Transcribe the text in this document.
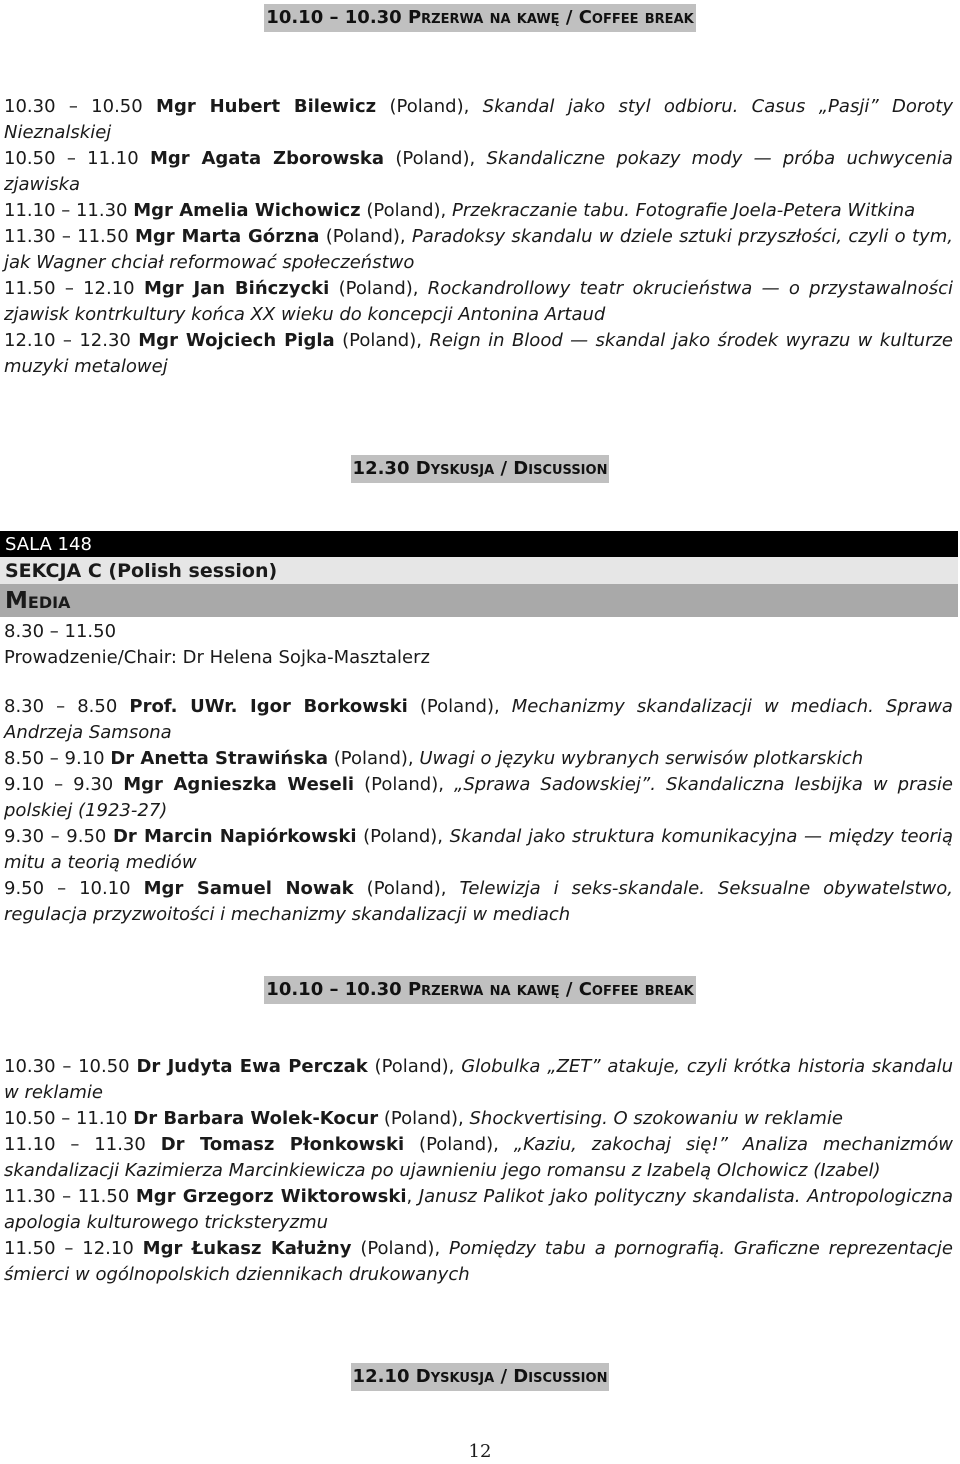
10.10 – 10.30 Przerwa na kawę / Coffee break

10.30 – 10.50 Mgr Hubert Bilewicz (Poland), Skandal jako styl odbioru. Casus „Pasji” Doroty Nieznalskiej

10.50 – 11.10 Mgr Agata Zborowska (Poland), Skandaliczne pokazy mody — próba uchwycenia zjawiska

11.10 – 11.30 Mgr Amelia Wichowicz (Poland), Przekraczanie tabu. Fotografie Joela-Petera Witkina

11.30 – 11.50 Mgr Marta Górzna (Poland), Paradoksy skandalu w dziele sztuki przyszłości, czyli o tym, jak Wagner chciał reformować społeczeństwo

11.50 – 12.10 Mgr Jan Bińczycki (Poland), Rockandrollowy teatr okrucieństwa — o przystawalności zjawisk kontrkultury końca XX wieku do koncepcji Antonina Artaud

12.10 – 12.30 Mgr Wojciech Pigla (Poland), Reign in Blood — skandal jako środek wyrazu w kulturze muzyki metalowej

12.30 Dyskusja / Discussion
SALA 148
SEKCJA C (Polish session)
Media
8.30 – 11.50
Prowadzenie/Chair: Dr Helena Sojka-Masztalerz

8.30 – 8.50 Prof. UWr. Igor Borkowski (Poland), Mechanizmy skandalizacji w mediach. Sprawa Andrzeja Samsona

8.50 – 9.10 Dr Anetta Strawińska (Poland), Uwagi o języku wybranych serwisów plotkarskich

9.10 – 9.30 Mgr Agnieszka Weseli (Poland), „Sprawa Sadowskiej”. Skandaliczna lesbijka w prasie polskiej (1923-27)

9.30 – 9.50 Dr Marcin Napiórkowski (Poland), Skandal jako struktura komunikacyjna — między teorią mitu a teorią mediów

9.50 – 10.10 Mgr Samuel Nowak (Poland), Telewizja i seks-skandale. Seksualne obywatelstwo, regulacja przyzwoitości i mechanizmy skandalizacji w mediach

10.10 – 10.30 Przerwa na kawę / Coffee break

10.30 – 10.50 Dr Judyta Ewa Perczak (Poland), Globulka „ZET” atakuje, czyli krótka historia skandalu w reklamie

10.50 – 11.10 Dr Barbara Wolek-Kocur (Poland), Shockvertising. O szokowaniu w reklamie

11.10 – 11.30 Dr Tomasz Płonkowski (Poland), „Kaziu, zakochaj się!” Analiza mechanizmów skandalizacji Kazimierza Marcinkiewicza po ujawnieniu jego romansu z Izabelą Olchowicz (Izabel)

11.30 – 11.50 Mgr Grzegorz Wiktorowski, Janusz Palikot jako polityczny skandalista. Antropologiczna apologia kulturowego tricksteryzmu

11.50 – 12.10 Mgr Łukasz Kałużny (Poland), Pomiędzy tabu a pornografią. Graficzne reprezentacje śmierci w ogólnopolskich dziennikach drukowanych

12.10 Dyskusja / Discussion
12
